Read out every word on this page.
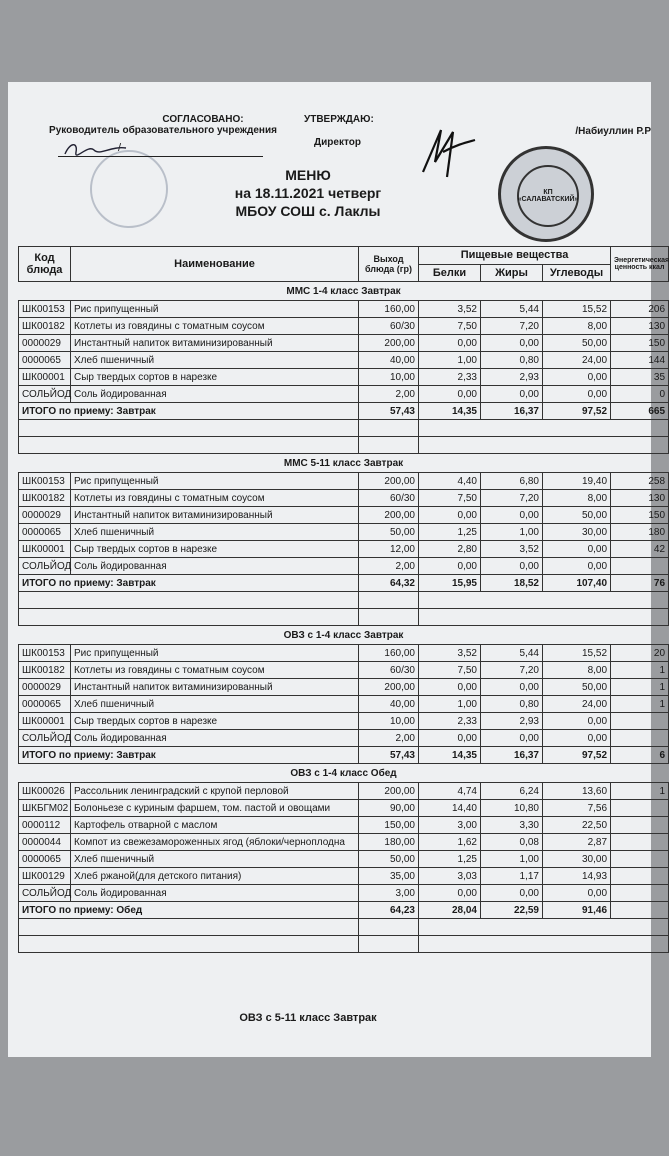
СОГЛАСОВАНО:
Руководитель образовательного учреждения
/
УТВЕРЖДАЮ:
Директор
/Набиуллин Р.Р
КП «САЛАВАТСКИЙ»
МЕНЮ
на 18.11.2021 четверг
МБОУ СОШ с. Лаклы
Код блюда	Наименование	Выход блюда (гр)	Пищевые вещества			Энергетическая ценность ккал
			Белки	Жиры	Углеводы	
ММС 1-4 класс Завтрак						
ШК00153	Рис припущенный	160,00	3,52	5,44	15,52	206
ШК00182	Котлеты из говядины с томатным соусом	60/30	7,50	7,20	8,00	130
0000029	Инстантный напиток витаминизированный	200,00	0,00	0,00	50,00	150
0000065	Хлеб пшеничный	40,00	1,00	0,80	24,00	144
ШК00001	Сыр твердых сортов в нарезке	10,00	2,33	2,93	0,00	35
СОЛЬЙОД	Соль йодированная	2,00	0,00	0,00	0,00	0
ИТОГО по приему: Завтрак		57,43	14,35	16,37	97,52	665

ММС 5-11 класс Завтрак						
ШК00153	Рис припущенный	200,00	4,40	6,80	19,40	258
ШК00182	Котлеты из говядины с томатным соусом	60/30	7,50	7,20	8,00	130
0000029	Инстантный напиток витаминизированный	200,00	0,00	0,00	50,00	150
0000065	Хлеб пшеничный	50,00	1,25	1,00	30,00	180
ШК00001	Сыр твердых сортов в нарезке	12,00	2,80	3,52	0,00	42
СОЛЬЙОД	Соль йодированная	2,00	0,00	0,00	0,00	
ИТОГО по приему: Завтрак		64,32	15,95	18,52	107,40	76

ОВЗ с 1-4 класс Завтрак						
ШК00153	Рис припущенный	160,00	3,52	5,44	15,52	20
ШК00182	Котлеты из говядины с томатным соусом	60/30	7,50	7,20	8,00	1
0000029	Инстантный напиток витаминизированный	200,00	0,00	0,00	50,00	1
0000065	Хлеб пшеничный	40,00	1,00	0,80	24,00	1
ШК00001	Сыр твердых сортов в нарезке	10,00	2,33	2,93	0,00	
СОЛЬЙОД	Соль йодированная	2,00	0,00	0,00	0,00	
ИТОГО по приему: Завтрак		57,43	14,35	16,37	97,52	6
ОВЗ с 1-4 класс Обед						
ШК00026	Рассольник ленинградский с крупой перловой	200,00	4,74	6,24	13,60	1
ШКБГМ02	Болоньезе с куриным фаршем, том. пастой и овощами	90,00	14,40	10,80	7,56	
0000112	Картофель отварной с маслом	150,00	3,00	3,30	22,50	
0000044	Компот из свежезамороженных ягод (яблоки/черноплодна	180,00	1,62	0,08	2,87	
0000065	Хлеб пшеничный	50,00	1,25	1,00	30,00	
ШК00129	Хлеб ржаной(для детского питания)	35,00	3,03	1,17	14,93	
СОЛЬЙОД	Соль йодированная	3,00	0,00	0,00	0,00	
ИТОГО по приему: Обед		64,23	28,04	22,59	91,46	

ОВЗ с 5-11 класс Завтрак
